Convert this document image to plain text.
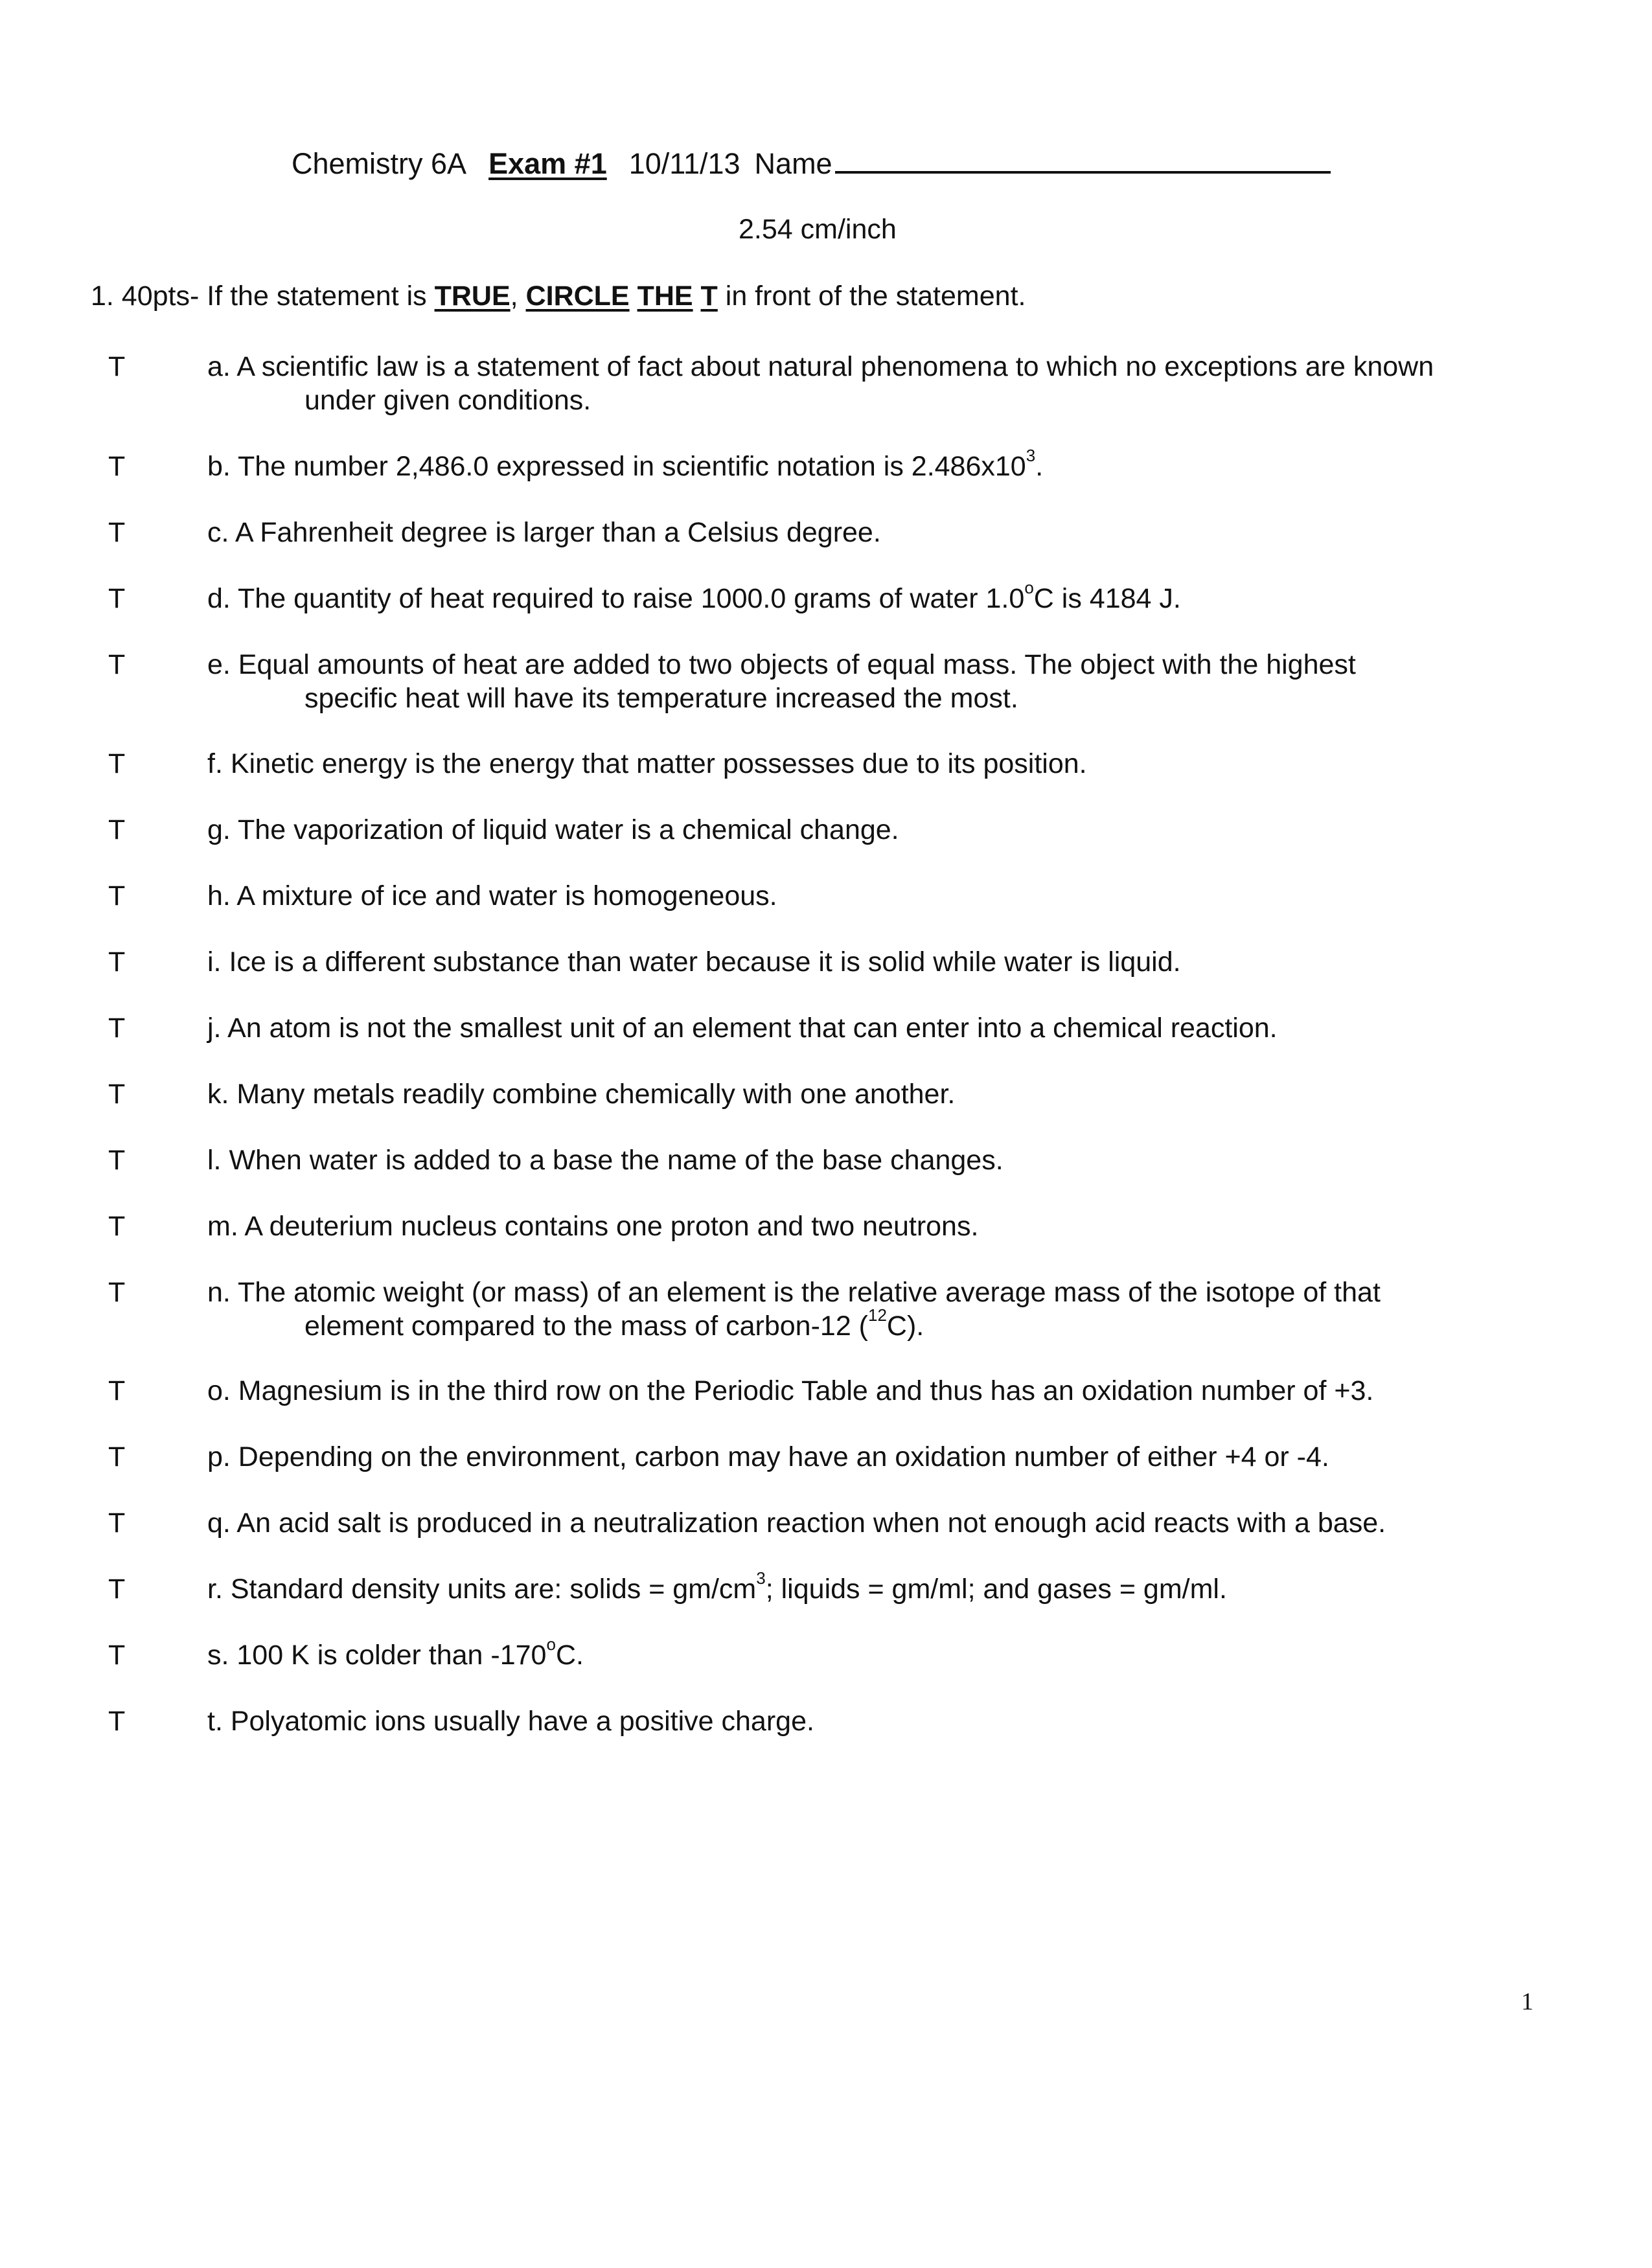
Chemistry 6A Exam #1 10/11/13 Name
2.54 cm/inch
1. 40pts- If the statement is TRUE, CIRCLE THE T in front of the statement.
T	a. A scientific law is a statement of fact about natural phenomena to which no exceptions are known
under given conditions.
T	b. The number 2,486.0 expressed in scientific notation is $2.486x10^3$.
T	c. A Fahrenheit degree is larger than a Celsius degree.
T	d. The quantity of heat required to raise 1000.0 grams of water 1.0$^o$C is 4184 J.
T	e. Equal amounts of heat are added to two objects of equal mass. The object with the highest
specific heat will have its temperature increased the most.
T	f. Kinetic energy is the energy that matter possesses due to its position.
T	g. The vaporization of liquid water is a chemical change.
T	h. A mixture of ice and water is homogeneous.
T	i. Ice is a different substance than water because it is solid while water is liquid.
T	j. An atom is not the smallest unit of an element that can enter into a chemical reaction.
T	k. Many metals readily combine chemically with one another.
T	l. When water is added to a base the name of the base changes.
T	m. A deuterium nucleus contains one proton and two neutrons.
T	n. The atomic weight (or mass) of an element is the relative average mass of the isotope of that
element compared to the mass of carbon-12 ($^{12}$C).
T	o. Magnesium is in the third row on the Periodic Table and thus has an oxidation number of +3.
T	p. Depending on the environment, carbon may have an oxidation number of either +4 or -4.
T	q. An acid salt is produced in a neutralization reaction when not enough acid reacts with a base.
T	r. Standard density units are: solids = $gm/cm^3$; liquids = gm/ml; and gases = gm/ml.
T	s. 100 K is colder than -170$^o$C.
T	t. Polyatomic ions usually have a positive charge.
1
